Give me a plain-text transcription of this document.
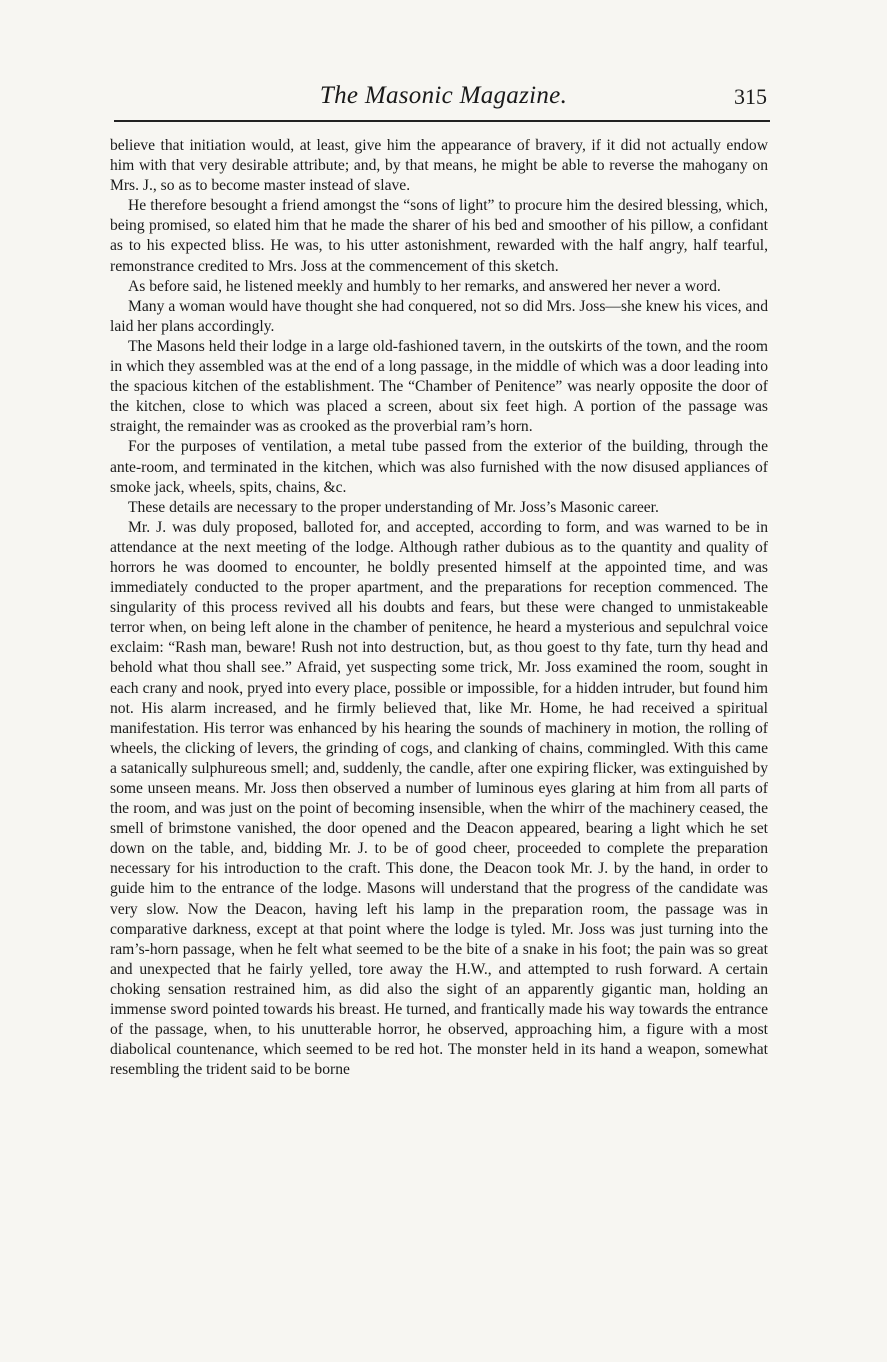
The Masonic Magazine.	315

believe that initiation would, at least, give him the appearance of bravery, if it did not actually endow him with that very desirable attribute; and, by that means, he might be able to reverse the mahogany on Mrs. J., so as to become master instead of slave.

He therefore besought a friend amongst the “sons of light” to procure him the desired blessing, which, being promised, so elated him that he made the sharer of his bed and smoother of his pillow, a confidant as to his expected bliss. He was, to his utter astonishment, rewarded with the half angry, half tearful, remonstrance credited to Mrs. Joss at the commencement of this sketch.

As before said, he listened meekly and humbly to her remarks, and answered her never a word.

Many a woman would have thought she had conquered, not so did Mrs. Joss—she knew his vices, and laid her plans accordingly.

The Masons held their lodge in a large old-fashioned tavern, in the outskirts of the town, and the room in which they assembled was at the end of a long passage, in the middle of which was a door leading into the spacious kitchen of the establishment. The “Chamber of Penitence” was nearly opposite the door of the kitchen, close to which was placed a screen, about six feet high. A portion of the passage was straight, the remainder was as crooked as the proverbial ram’s horn.

For the purposes of ventilation, a metal tube passed from the exterior of the building, through the ante-room, and terminated in the kitchen, which was also furnished with the now disused appliances of smoke jack, wheels, spits, chains, &c.

These details are necessary to the proper understanding of Mr. Joss’s Masonic career.

Mr. J. was duly proposed, balloted for, and accepted, according to form, and was warned to be in attendance at the next meeting of the lodge. Although rather dubious as to the quantity and quality of horrors he was doomed to encounter, he boldly presented himself at the appointed time, and was immediately conducted to the proper apartment, and the preparations for reception commenced. The singularity of this process revived all his doubts and fears, but these were changed to unmistakeable terror when, on being left alone in the chamber of penitence, he heard a mysterious and sepulchral voice exclaim: “Rash man, beware! Rush not into destruction, but, as thou goest to thy fate, turn thy head and behold what thou shall see.” Afraid, yet suspecting some trick, Mr. Joss examined the room, sought in each crany and nook, pryed into every place, possible or impossible, for a hidden intruder, but found him not. His alarm increased, and he firmly believed that, like Mr. Home, he had received a spiritual manifestation. His terror was enhanced by his hearing the sounds of machinery in motion, the rolling of wheels, the clicking of levers, the grinding of cogs, and clanking of chains, commingled. With this came a satanically sulphureous smell; and, suddenly, the candle, after one expiring flicker, was extinguished by some unseen means. Mr. Joss then observed a number of luminous eyes glaring at him from all parts of the room, and was just on the point of becoming insensible, when the whirr of the machinery ceased, the smell of brimstone vanished, the door opened and the Deacon appeared, bearing a light which he set down on the table, and, bidding Mr. J. to be of good cheer, proceeded to complete the preparation necessary for his introduction to the craft. This done, the Deacon took Mr. J. by the hand, in order to guide him to the entrance of the lodge. Masons will understand that the progress of the candidate was very slow. Now the Deacon, having left his lamp in the preparation room, the passage was in comparative darkness, except at that point where the lodge is tyled. Mr. Joss was just turning into the ram’s-horn passage, when he felt what seemed to be the bite of a snake in his foot; the pain was so great and unexpected that he fairly yelled, tore away the H.W., and attempted to rush forward. A certain choking sensation restrained him, as did also the sight of an apparently gigantic man, holding an immense sword pointed towards his breast. He turned, and frantically made his way towards the entrance of the passage, when, to his unutterable horror, he observed, approaching him, a figure with a most diabolical countenance, which seemed to be red hot. The monster held in its hand a weapon, somewhat resembling the trident said to be borne
